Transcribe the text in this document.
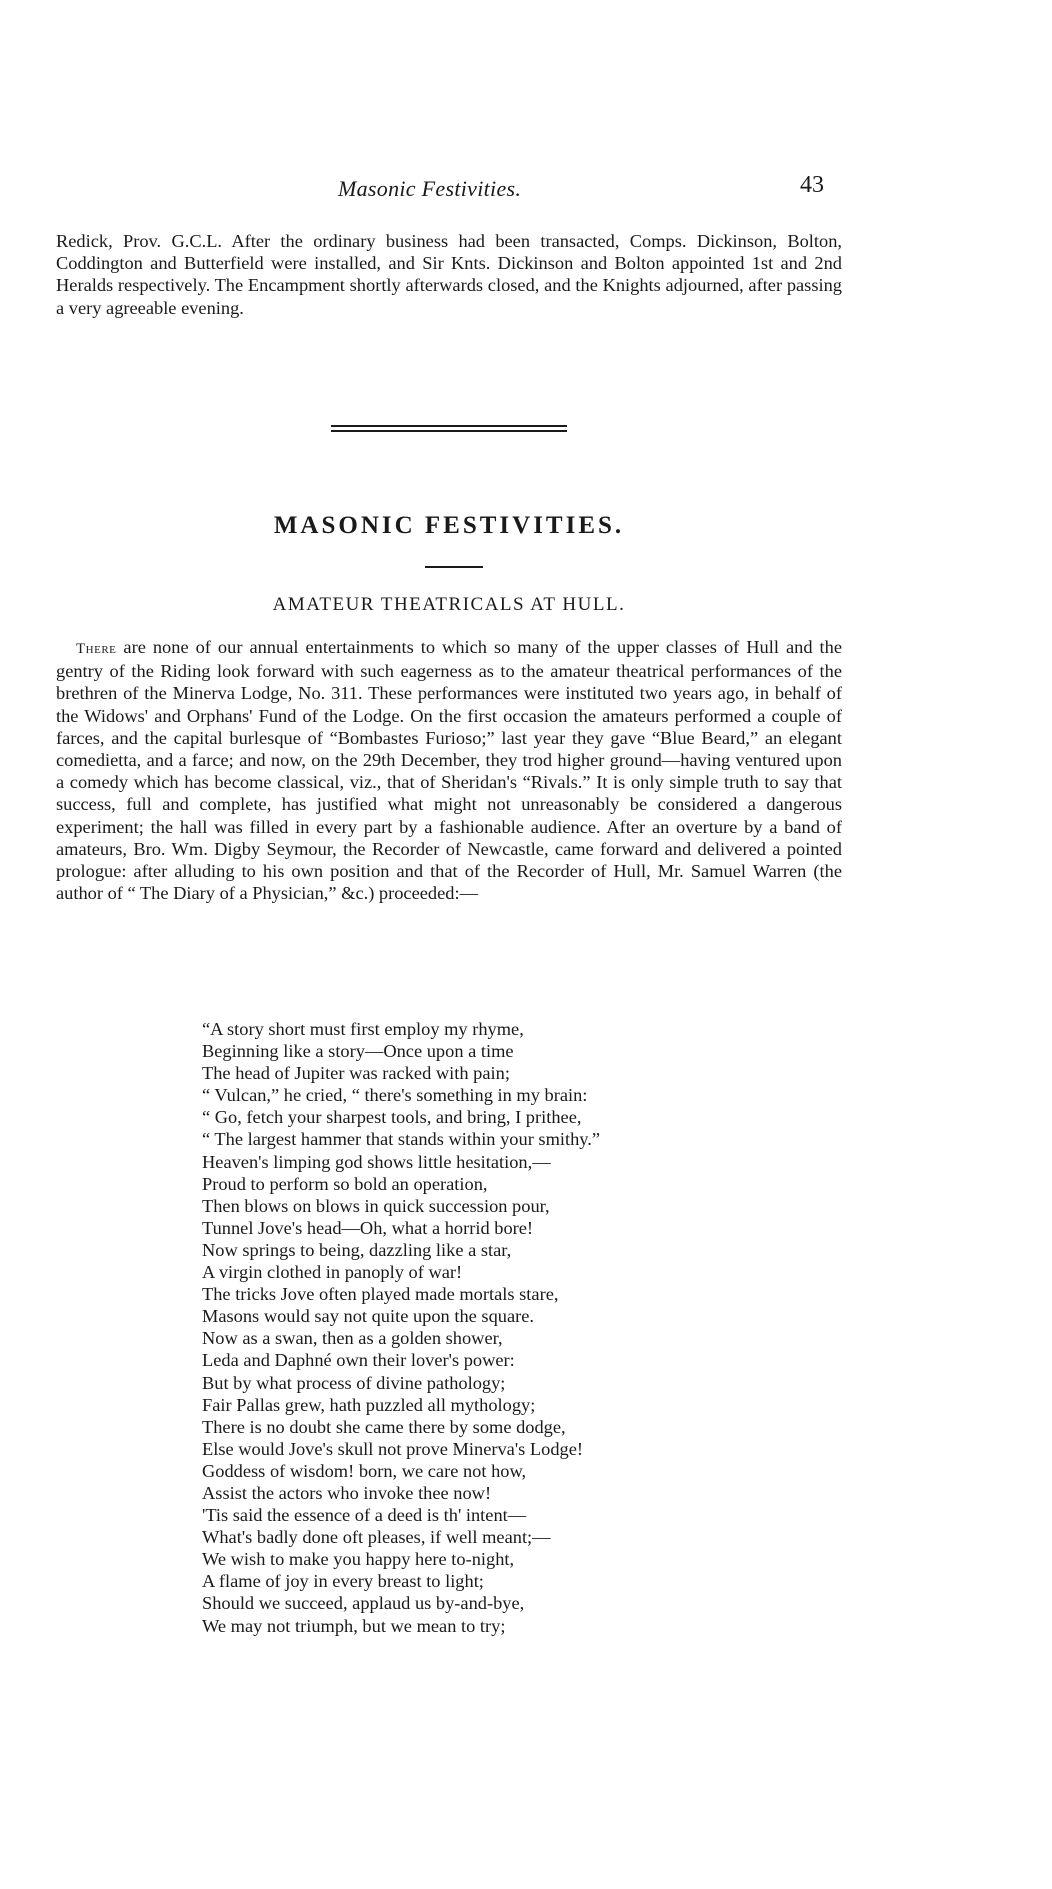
Masonic Festivities.	43

Redick, Prov. G.C.L. After the ordinary business had been transacted, Comps. Dickinson, Bolton, Coddington and Butterfield were installed, and Sir Knts. Dickinson and Bolton appointed 1st and 2nd Heralds respectively. The Encampment shortly afterwards closed, and the Knights adjourned, after passing a very agreeable evening.

MASONIC FESTIVITIES.
AMATEUR THEATRICALS AT HULL.

There are none of our annual entertainments to which so many of the upper classes of Hull and the gentry of the Riding look forward with such eagerness as to the amateur theatrical performances of the brethren of the Minerva Lodge, No. 311. These performances were instituted two years ago, in behalf of the Widows' and Orphans' Fund of the Lodge. On the first occasion the amateurs performed a couple of farces, and the capital burlesque of “Bombastes Furioso;” last year they gave “Blue Beard,” an elegant comedietta, and a farce; and now, on the 29th December, they trod higher ground—having ventured upon a comedy which has become classical, viz., that of Sheridan's “Rivals.” It is only simple truth to say that success, full and complete, has justified what might not unreasonably be considered a dangerous experiment; the hall was filled in every part by a fashionable audience. After an overture by a band of amateurs, Bro. Wm. Digby Seymour, the Recorder of Newcastle, came forward and delivered a pointed prologue: after alluding to his own position and that of the Recorder of Hull, Mr. Samuel Warren (the author of “ The Diary of a Physician,” &c.) proceeded:—

“A story short must first employ my rhyme,
Beginning like a story—Once upon a time
The head of Jupiter was racked with pain;
“ Vulcan,” he cried, “ there's something in my brain:
“ Go, fetch your sharpest tools, and bring, I prithee,
“ The largest hammer that stands within your smithy.”
Heaven's limping god shows little hesitation,—
Proud to perform so bold an operation,
Then blows on blows in quick succession pour,
Tunnel Jove's head—Oh, what a horrid bore!
Now springs to being, dazzling like a star,
A virgin clothed in panoply of war!
The tricks Jove often played made mortals stare,
Masons would say not quite upon the square.
Now as a swan, then as a golden shower,
Leda and Daphné own their lover's power:
But by what process of divine pathology;
Fair Pallas grew, hath puzzled all mythology;
There is no doubt she came there by some dodge,
Else would Jove's skull not prove Minerva's Lodge!
Goddess of wisdom! born, we care not how,
Assist the actors who invoke thee now!
'Tis said the essence of a deed is th' intent—
What's badly done oft pleases, if well meant;—
We wish to make you happy here to-night,
A flame of joy in every breast to light;
Should we succeed, applaud us by-and-bye,
We may not triumph, but we mean to try;
